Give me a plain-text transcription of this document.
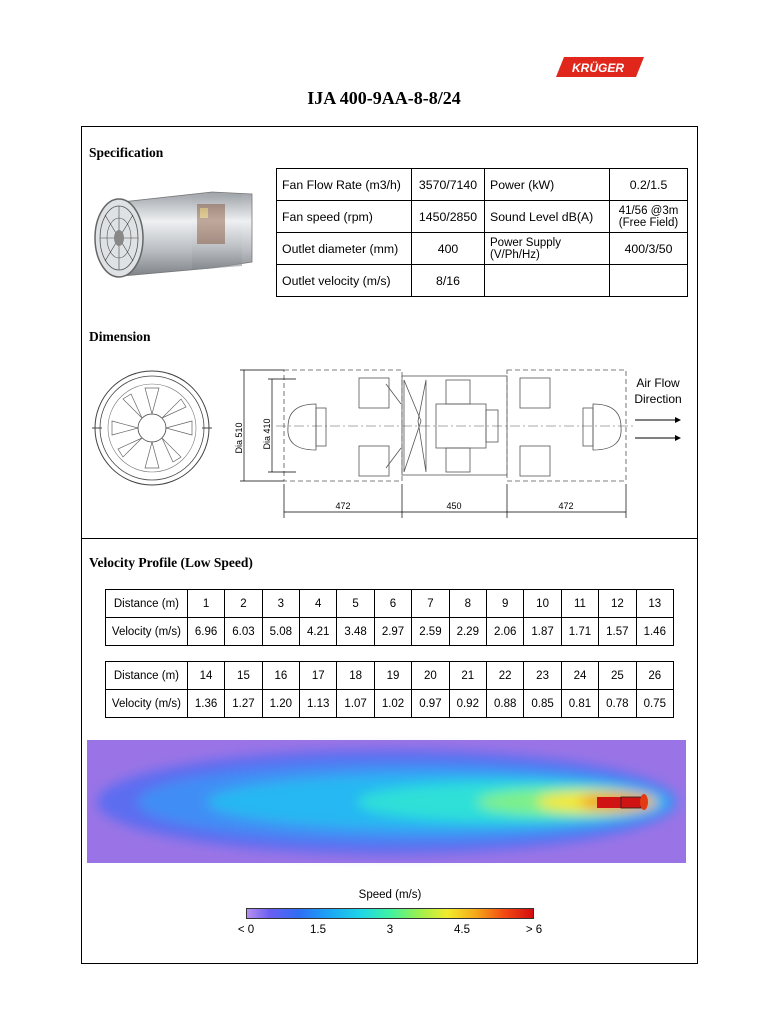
KRÜGER
IJA 400-9AA-8-8/24
Specification
Fan Flow Rate (m3/h)	3570/7140	Power (kW)	0.2/1.5
Fan speed (rpm)	1450/2850	Sound Level dB(A)	41/56 @3m (Free Field)
Outlet diameter (mm)	400	Power Supply (V/Ph/Hz)	400/3/50
Outlet velocity (m/s)	8/16		
Dimension
Dia 510 Dia 410
472	450	472
Air Flow
Direction
Velocity Profile (Low Speed)
Distance (m)	1	2	3	4	5	6	7	8	9	10	11	12	13
Velocity (m/s)	6.96	6.03	5.08	4.21	3.48	2.97	2.59	2.29	2.06	1.87	1.71	1.57	1.46
Distance (m)	14	15	16	17	18	19	20	21	22	23	24	25	26
Velocity (m/s)	1.36	1.27	1.20	1.13	1.07	1.02	0.97	0.92	0.88	0.85	0.81	0.78	0.75
Speed (m/s)
< 0	1.5	3	4.5	> 6
